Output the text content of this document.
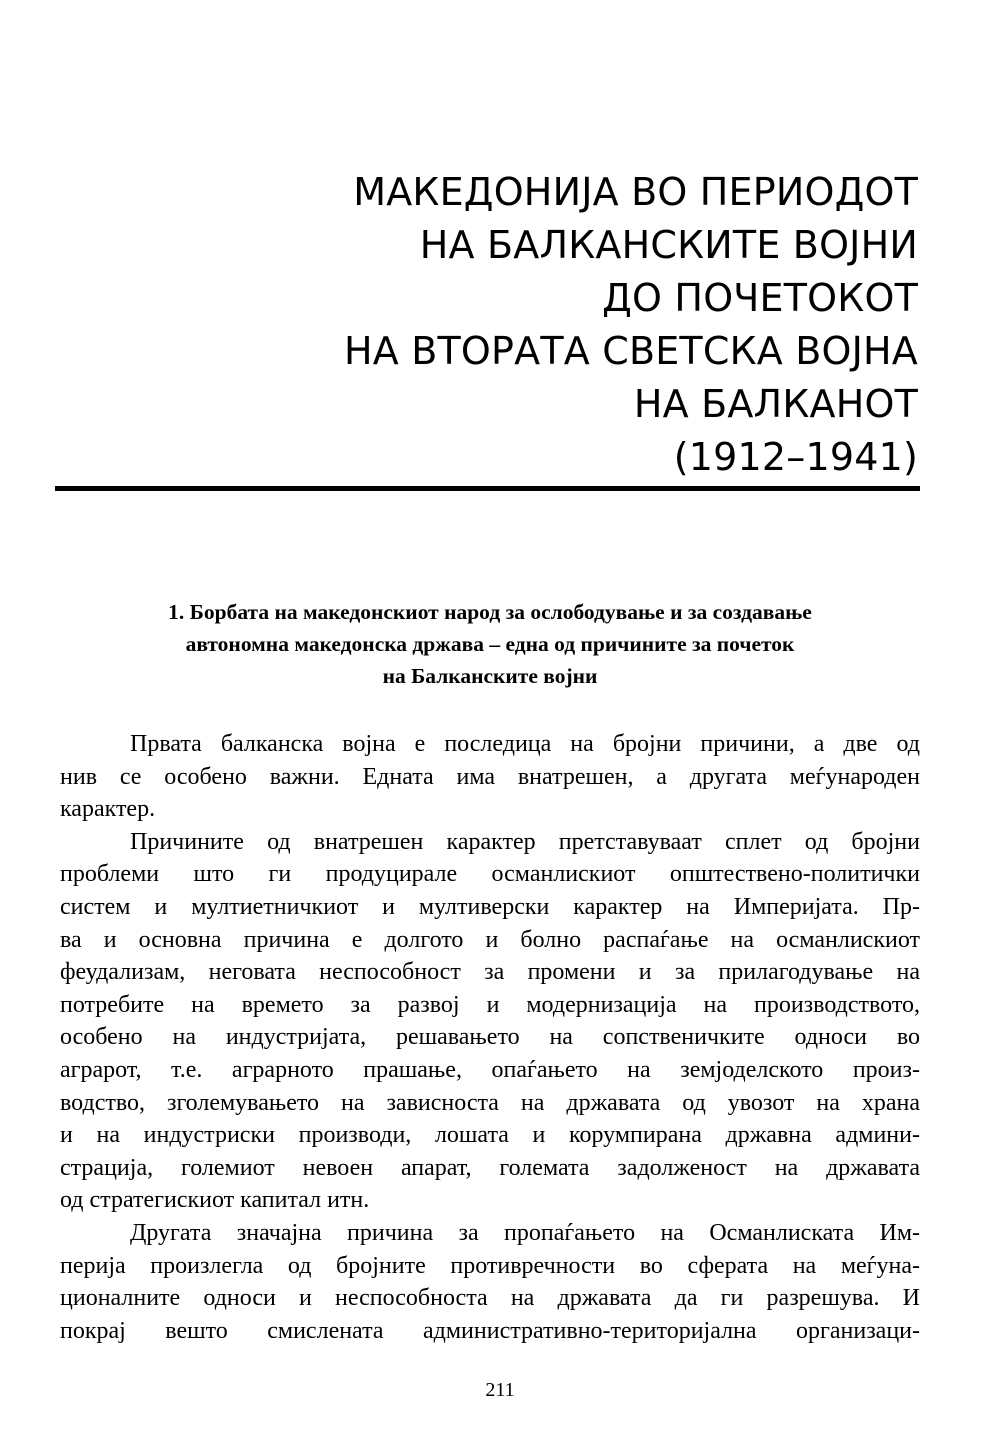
МАКЕДОНИЈА ВО ПЕРИОДОТ
НА БАЛКАНСКИТЕ ВОЈНИ
ДО ПОЧЕТОКОТ
НА ВТОРАТА СВЕТСКА ВОЈНА
НА БАЛКАНОТ
(1912–1941)
1. Борбата на македонскиот народ за ослободување и за создавање
автономна македонска држава – една од причините за почеток
на Балканските војни
Првата балканска војна е последица на бројни причини, а две од
нив се особено важни. Едната има внатрешен, а другата меѓународен
карактер.
Причините од внатрешен карактер претставуваат сплет од бројни
проблеми што ги продуцирале османлискиот општествено-политички
систем и мултиетничкиот и мултиверски карактер на Империјата. Пр-
ва и основна причина е долгото и болно распаѓање на османлискиот
феудализам, неговата неспособност за промени и за прилагодување на
потребите на времето за развој и модернизација на производството,
особено на индустријата, решавањето на сопственичките односи во
аграрот, т.е. аграрното прашање, опаѓањето на земјоделското произ-
водство, зголемувањето на зависноста на државата од увозот на храна
и на индустриски производи, лошата и корумпирана државна админи-
страција, големиот невоен апарат, големата задолженост на државата
од стратегискиот капитал итн.
Другата значајна причина за пропаѓањето на Османлиската Им-
перија произлегла од бројните противречности во сферата на меѓуна-
ционалните односи и неспособноста на државата да ги разрешува. И
покрај вешто смислената административно-територијална организаци-
211
